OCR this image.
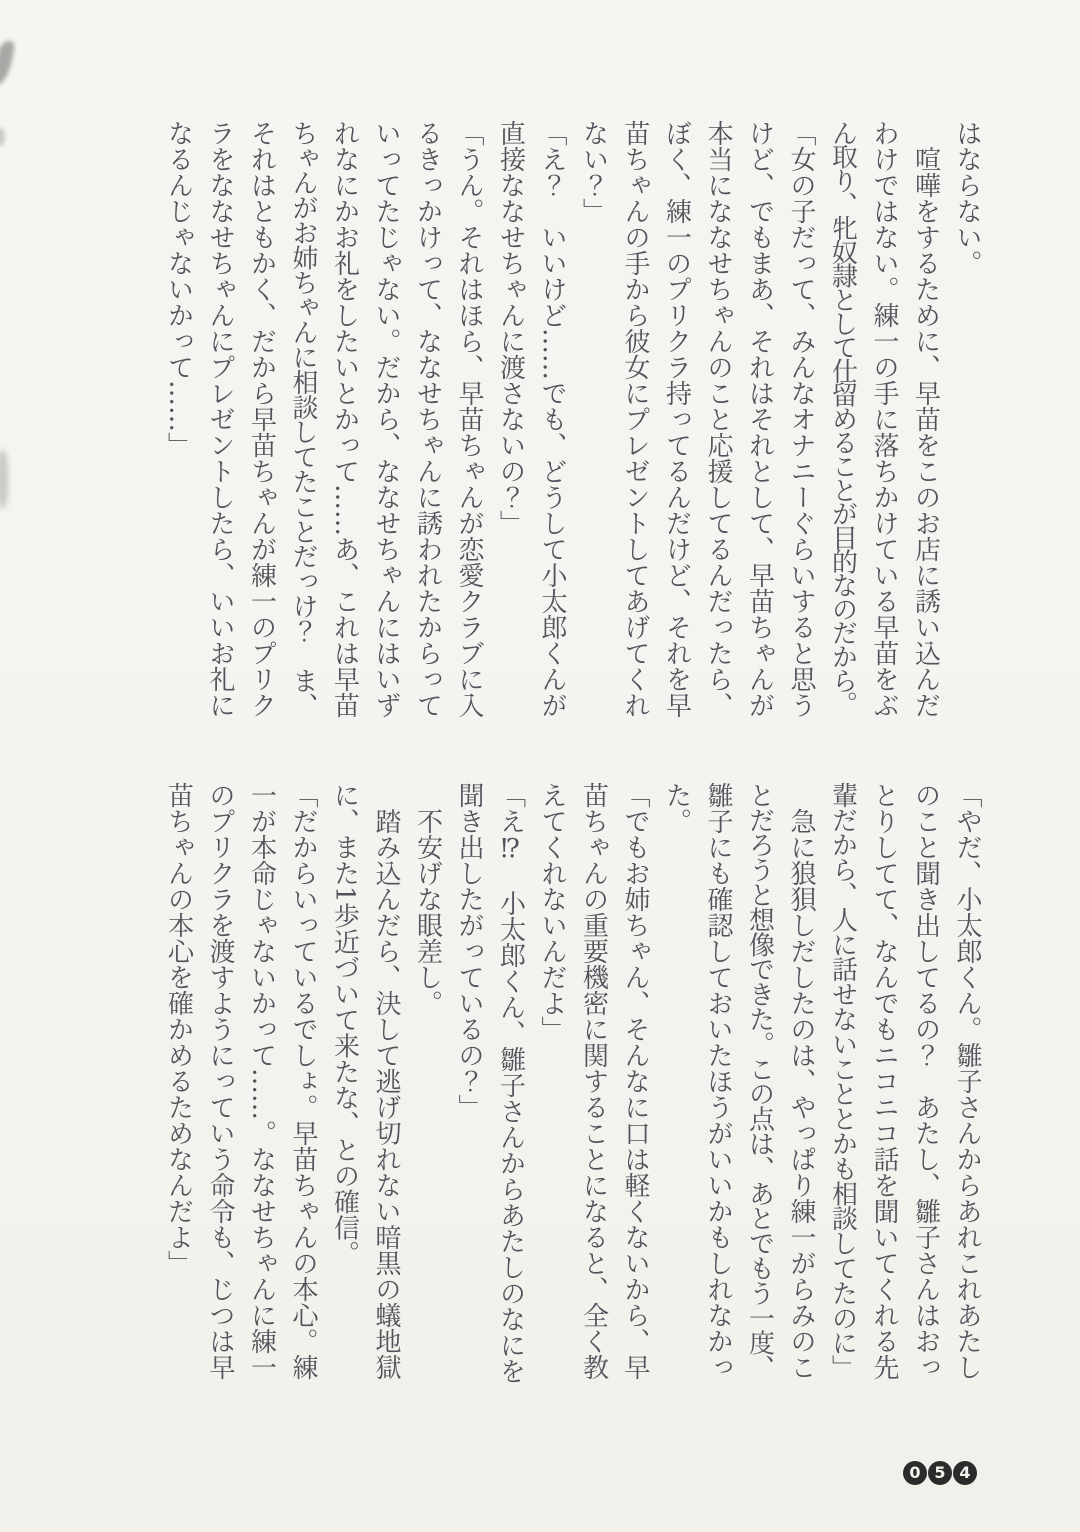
はならない。

　喧嘩をするために、早苗をこのお店に誘い込んだ

わけではない。練一の手に落ちかけている早苗をぶ

ん取り、牝奴隷として仕留めることが目的なのだから。

「女の子だって、みんなオナニーぐらいすると思う

けど、でもまあ、それはそれとして、早苗ちゃんが

本当にななせちゃんのこと応援してるんだったら、

ぼく、練一のプリクラ持ってるんだけど、それを早

苗ちゃんの手から彼女にプレゼントしてあげてくれ

ない？」

「え？　いいけど……でも、どうして小太郎くんが

直接ななせちゃんに渡さないの？」

「うん。それはほら、早苗ちゃんが恋愛クラブに入

るきっかけって、ななせちゃんに誘われたからって

いってたじゃない。だから、ななせちゃんにはいず

れなにかお礼をしたいとかって……あ、これは早苗

ちゃんがお姉ちゃんに相談してたことだっけ？　ま、

それはともかく、だから早苗ちゃんが練一のプリク

ラをななせちゃんにプレゼントしたら、いいお礼に

なるんじゃないかって……」

「やだ、小太郎くん。雛子さんからあれこれあたし

のこと聞き出してるの？　あたし、雛子さんはおっ

とりしてて、なんでもニコニコ話を聞いてくれる先

輩だから、人に話せないこととかも相談してたのに」

　急に狼狽しだしたのは、やっぱり練一がらみのこ

とだろうと想像できた。この点は、あとでもう一度、

雛子にも確認しておいたほうがいいかもしれなかっ

た。

「でもお姉ちゃん、そんなに口は軽くないから、早

苗ちゃんの重要機密に関することになると、全く教

えてくれないんだよ」

「え⁉　小太郎くん、雛子さんからあたしのなにを

聞き出したがっているの？」

　不安げな眼差し。

　踏み込んだら、決して逃げ切れない暗黒の蟻地獄

に、また1歩近づいて来たな、との確信。

「だからいっているでしょ。早苗ちゃんの本心。練

一が本命じゃないかって……。ななせちゃんに練一

のプリクラを渡すようにっていう命令も、じつは早

苗ちゃんの本心を確かめるためなんだよ」

0 5 4
